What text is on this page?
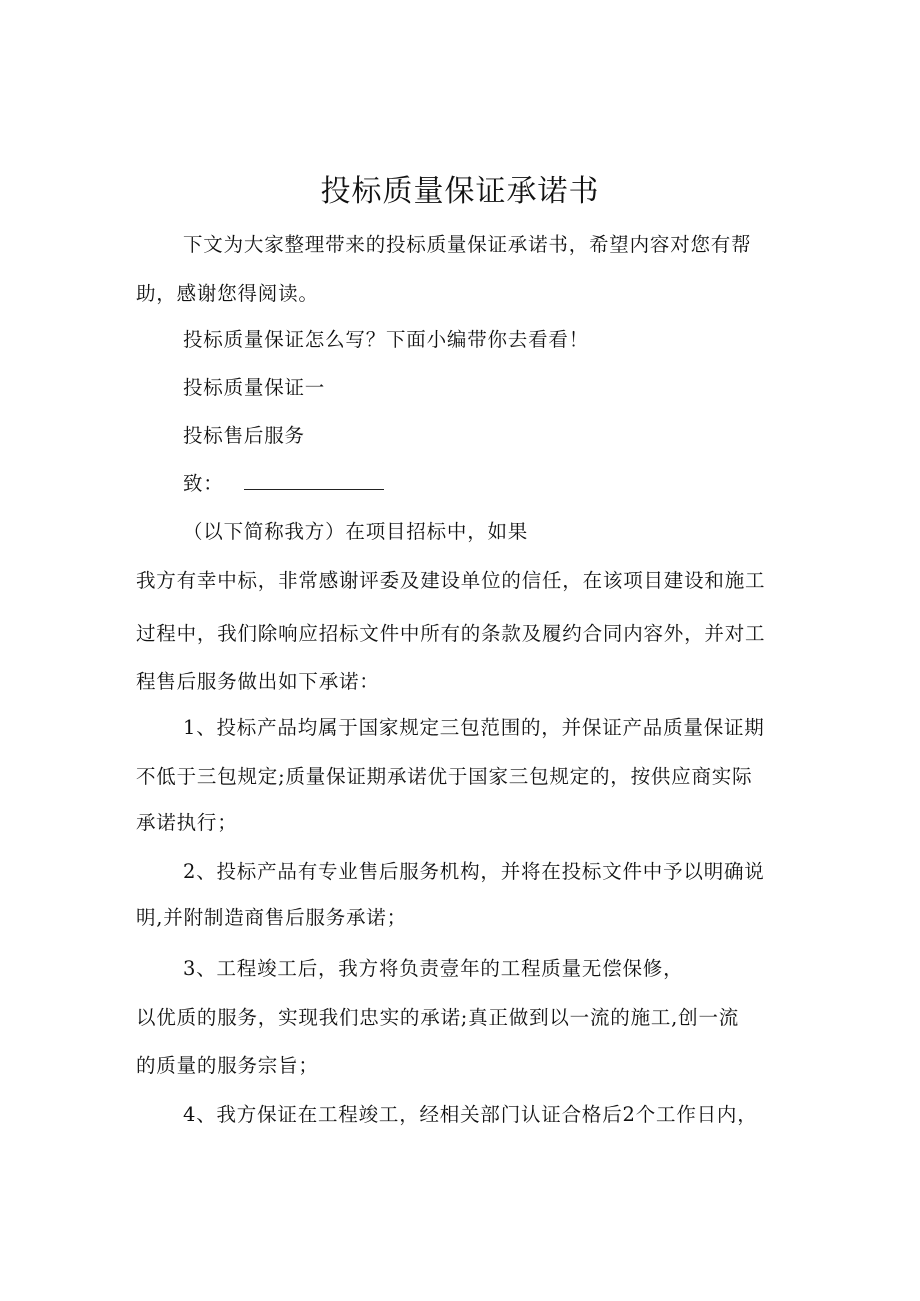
投标质量保证承诺书
下文为大家整理带来的投标质量保证承诺书，希望内容对您有帮
助，感谢您得阅读。
投标质量保证怎么写？下面小编带你去看看！
投标质量保证一
投标售后服务
致：
（以下简称我方）在项目招标中，如果
我方有幸中标，非常感谢评委及建设单位的信任，在该项目建设和施工
过程中，我们除响应招标文件中所有的条款及履约合同内容外，并对工
程售后服务做出如下承诺：
1、投标产品均属于国家规定三包范围的，并保证产品质量保证期
不低于三包规定;质量保证期承诺优于国家三包规定的，按供应商实际
承诺执行；
2、投标产品有专业售后服务机构，并将在投标文件中予以明确说
明,并附制造商售后服务承诺；
3、工程竣工后，我方将负责壹年的工程质量无偿保修，
以优质的服务，实现我们忠实的承诺;真正做到以一流的施工,创一流
的质量的服务宗旨；
4、我方保证在工程竣工，经相关部门认证合格后2个工作日内，
